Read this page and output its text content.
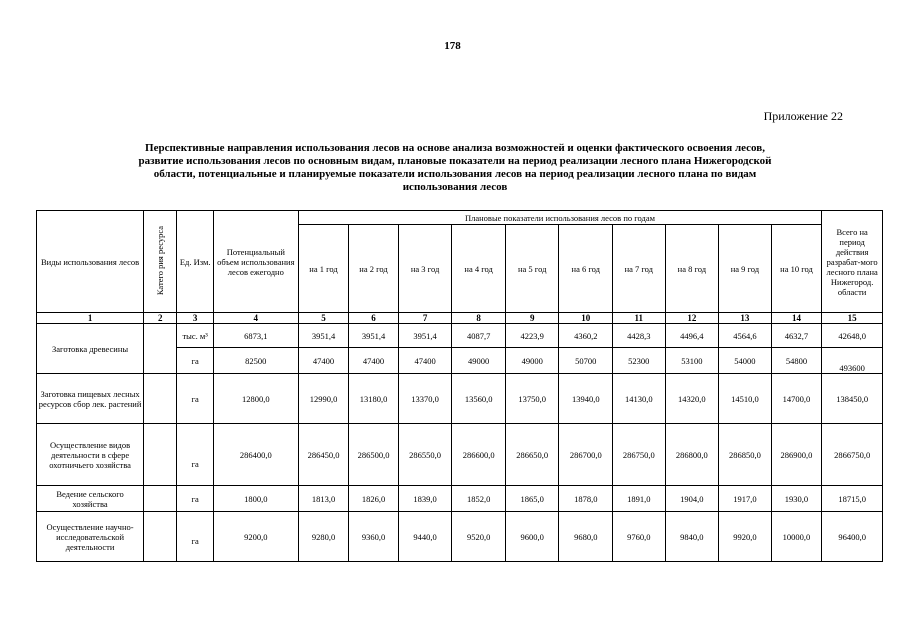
178
Приложение 22
Перспективные направления использования лесов на основе анализа возможностей и оценки фактического освоения лесов,
развитие использования лесов по основным видам, плановые показатели на период реализации лесного плана Нижегородской
области, потенциальные и планируемые показатели использования лесов на период реализации лесного плана по видам
использования лесов
Виды использования лесов	Катего рия ресурса	Ед. Изм.	Потенциальный объем использования лесов ежегодно	Плановые показатели использования лесов по годам										Всего на период действия разрабат-мого лесного плана Нижегород. области
				на 1 год	на 2 год	на 3 год	на 4 год	на 5 год	на 6 год	на 7 год	на 8 год	на 9 год	на 10 год	
1	2	3	4	5	6	7	8	9	10	11	12	13	14	15
Заготовка древесины		тыс. м³	6873,1	3951,4	3951,4	3951,4	4087,7	4223,9	4360,2	4428,3	4496,4	4564,6	4632,7	42648,0
		га	82500	47400	47400	47400	49000	49000	50700	52300	53100	54000	54800	493600
Заготовка пищевых лесных ресурсов сбор лек. растений		га	12800,0	12990,0	13180,0	13370,0	13560,0	13750,0	13940,0	14130,0	14320,0	14510,0	14700,0	138450,0
Осуществление видов деятельности в сфере охотничьего хозяйства		га	286400,0	286450,0	286500,0	286550,0	286600,0	286650,0	286700,0	286750,0	286800,0	286850,0	286900,0	2866750,0
Ведение сельского хозяйства		га	1800,0	1813,0	1826,0	1839,0	1852,0	1865,0	1878,0	1891,0	1904,0	1917,0	1930,0	18715,0
Осуществление научно-исследовательской деятельности		га	9200,0	9280,0	9360,0	9440,0	9520,0	9600,0	9680,0	9760,0	9840,0	9920,0	10000,0	96400,0
